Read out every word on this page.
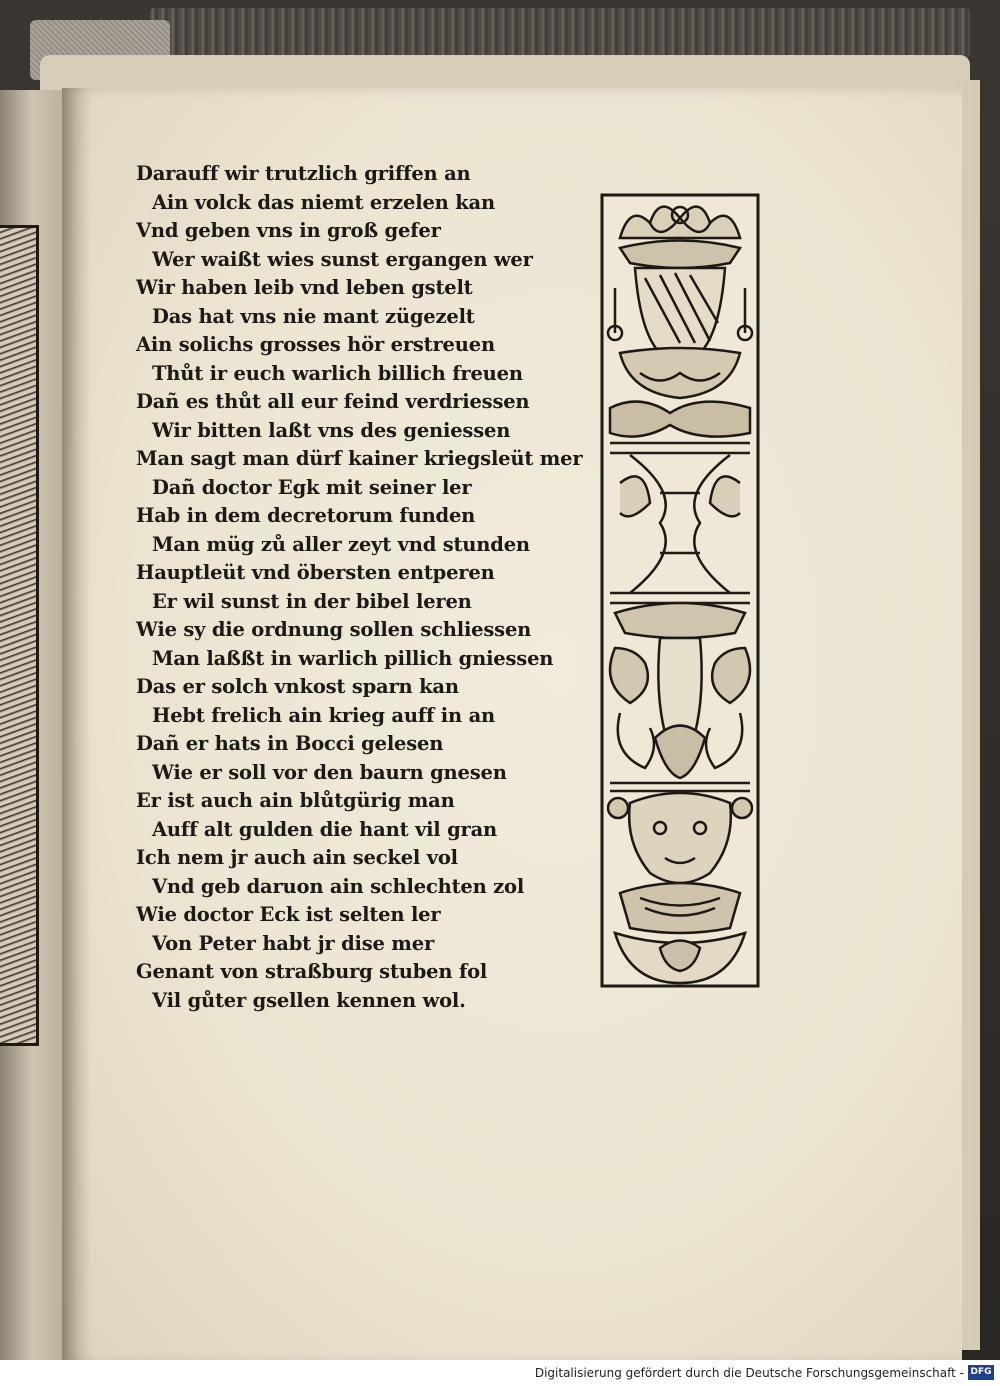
Darauff wir trutzlich griffen an
Ain volck das niemt erzelen kan
Vnd geben vns in groß gefer
Wer waißt wies sunst ergangen wer
Wir haben leib vnd leben gstelt
Das hat vns nie mant zügezelt
Ain solichs grosses hör erstreuen
Thůt ir euch warlich billich freuen
Dañ es thůt all eur feind verdriessen
Wir bitten laßt vns des geniessen
Man sagt man dürf kainer kriegsleüt mer
Dañ doctor Egk mit seiner ler
Hab in dem decretorum funden
Man müg zů aller zeyt vnd stunden
Hauptleüt vnd öbersten entperen
Er wil sunst in der bibel leren
Wie sy die ordnung sollen schliessen
Man laßßt in warlich pillich gniessen
Das er solch vnkost sparn kan
Hebt frelich ain krieg auff in an
Dañ er hats in Bocci gelesen
Wie er soll vor den baurn gnesen
Er ist auch ain blůtgürig man
Auff alt gulden die hant vil gran
Ich nem jr auch ain seckel vol
Vnd geb daruon ain schlechten zol
Wie doctor Eck ist selten ler
Von Peter habt jr dise mer
Genant von straßburg stuben fol
Vil gůter gsellen kennen wol.
Digitalisierung gefördert durch die Deutsche Forschungsgemeinschaft - DFG
